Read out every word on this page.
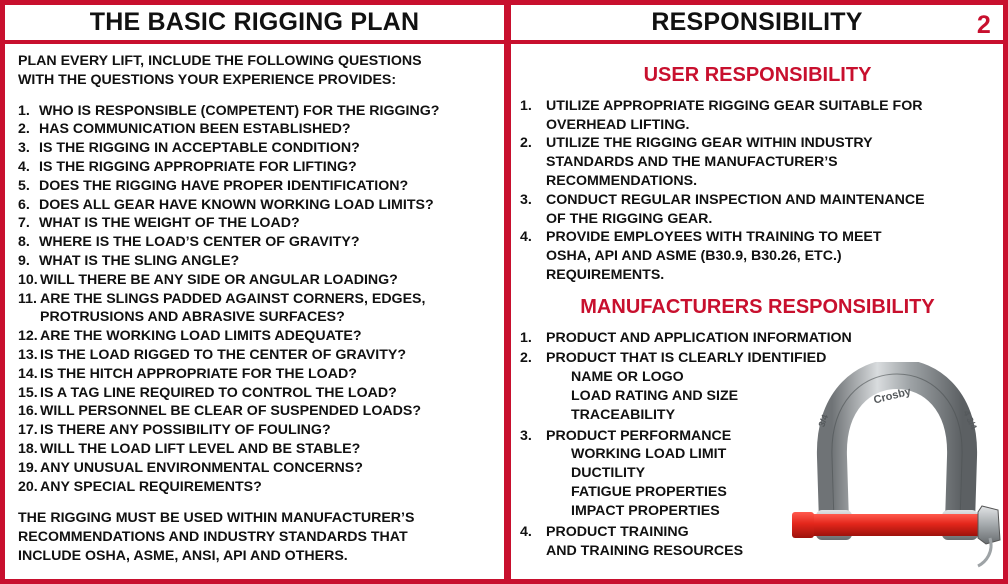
THE BASIC RIGGING PLAN	RESPONSIBILITY	2
PLAN EVERY LIFT, INCLUDE THE FOLLOWING QUESTIONS
WITH THE QUESTIONS YOUR EXPERIENCE PROVIDES:
1. WHO IS RESPONSIBLE (COMPETENT) FOR THE RIGGING?
2. HAS COMMUNICATION BEEN ESTABLISHED?
3. IS THE RIGGING IN ACCEPTABLE CONDITION?
4. IS THE RIGGING APPROPRIATE FOR LIFTING?
5. DOES THE RIGGING HAVE PROPER IDENTIFICATION?
6. DOES ALL GEAR HAVE KNOWN WORKING LOAD LIMITS?
7. WHAT IS THE WEIGHT OF THE LOAD?
8. WHERE IS THE LOAD’S CENTER OF GRAVITY?
9. WHAT IS THE SLING ANGLE?
10. WILL THERE BE ANY SIDE OR ANGULAR LOADING?
11. ARE THE SLINGS PADDED AGAINST CORNERS, EDGES,
PROTRUSIONS AND ABRASIVE SURFACES?
12. ARE THE WORKING LOAD LIMITS ADEQUATE?
13. IS THE LOAD RIGGED TO THE CENTER OF GRAVITY?
14. IS THE HITCH APPROPRIATE FOR THE LOAD?
15. IS A TAG LINE REQUIRED TO CONTROL THE LOAD?
16. WILL PERSONNEL BE CLEAR OF SUSPENDED LOADS?
17. IS THERE ANY POSSIBILITY OF FOULING?
18. WILL THE LOAD LIFT LEVEL AND BE STABLE?
19. ANY UNUSUAL ENVIRONMENTAL CONCERNS?
20. ANY SPECIAL REQUIREMENTS?
THE RIGGING MUST BE USED WITHIN MANUFACTURER’S
RECOMMENDATIONS AND INDUSTRY STANDARDS THAT
INCLUDE OSHA, ASME, ANSI, API AND OTHERS.
USER RESPONSIBILITY
1. UTILIZE APPROPRIATE RIGGING GEAR SUITABLE FOR
OVERHEAD LIFTING.
2. UTILIZE THE RIGGING GEAR WITHIN INDUSTRY
STANDARDS AND THE MANUFACTURER’S
RECOMMENDATIONS.
3. CONDUCT REGULAR INSPECTION AND MAINTENANCE
OF THE RIGGING GEAR.
4. PROVIDE EMPLOYEES WITH TRAINING TO MEET
OSHA, API AND ASME (B30.9, B30.26, ETC.)
REQUIREMENTS.
MANUFACTURERS RESPONSIBILITY
1. PRODUCT AND APPLICATION INFORMATION
2. PRODUCT THAT IS CLEARLY IDENTIFIED
NAME OR LOGO
LOAD RATING AND SIZE
TRACEABILITY
3. PRODUCT PERFORMANCE
WORKING LOAD LIMIT
DUCTILITY
FATIGUE PROPERTIES
IMPACT PROPERTIES
4. PRODUCT TRAINING
AND TRAINING RESOURCES
Crosby
3/4	4 3/4
